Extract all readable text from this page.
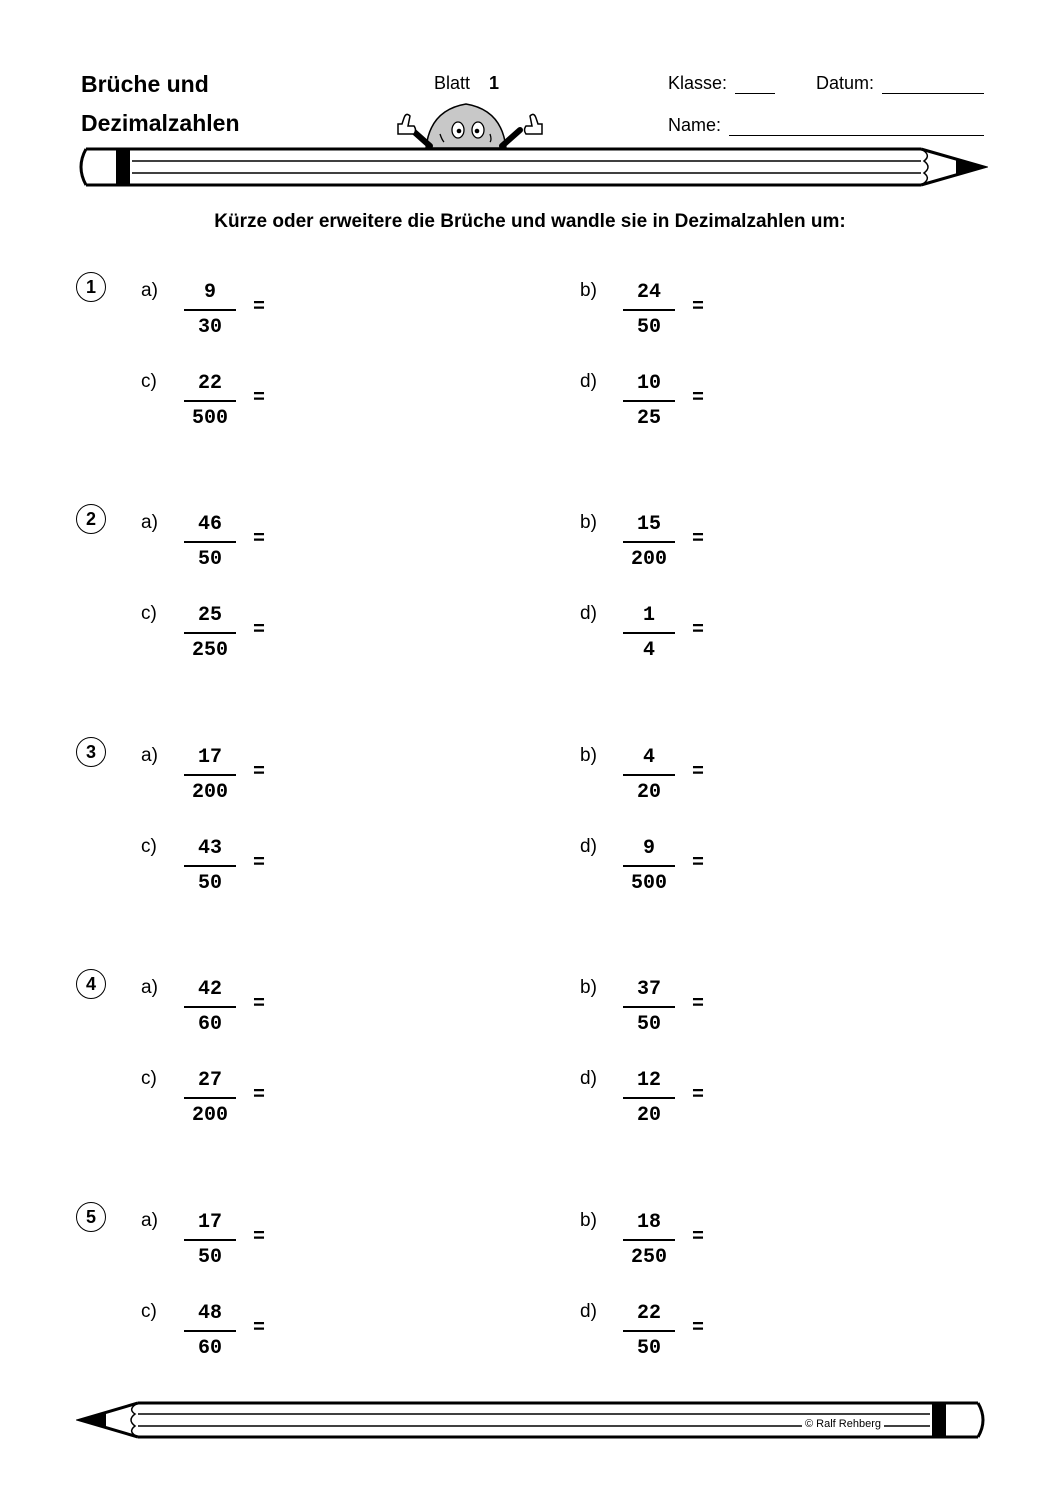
Brüche und
Dezimalzahlen
Blatt 1	Klasse:	Datum:
Name:
Kürze oder erweitere die Brüche und wandle sie in Dezimalzahlen um:
1	a)	9
30
=
b)	24
50
=
c)	22
500
=
d)	10
25
=
2	a)	46
50
=
b)	15
200
=
c)	25
250
=
d)	1
4
=
3	a)	17
200
=
b)	4
20
=
c)	43
50
=
d)	9
500
=
4	a)	42
60
=
b)	37
50
=
c)	27
200
=
d)	12
20
=
5	a)	17
50
=
b)	18
250
=
c)	48
60
=
d)	22
50
=
© Ralf Rehberg
